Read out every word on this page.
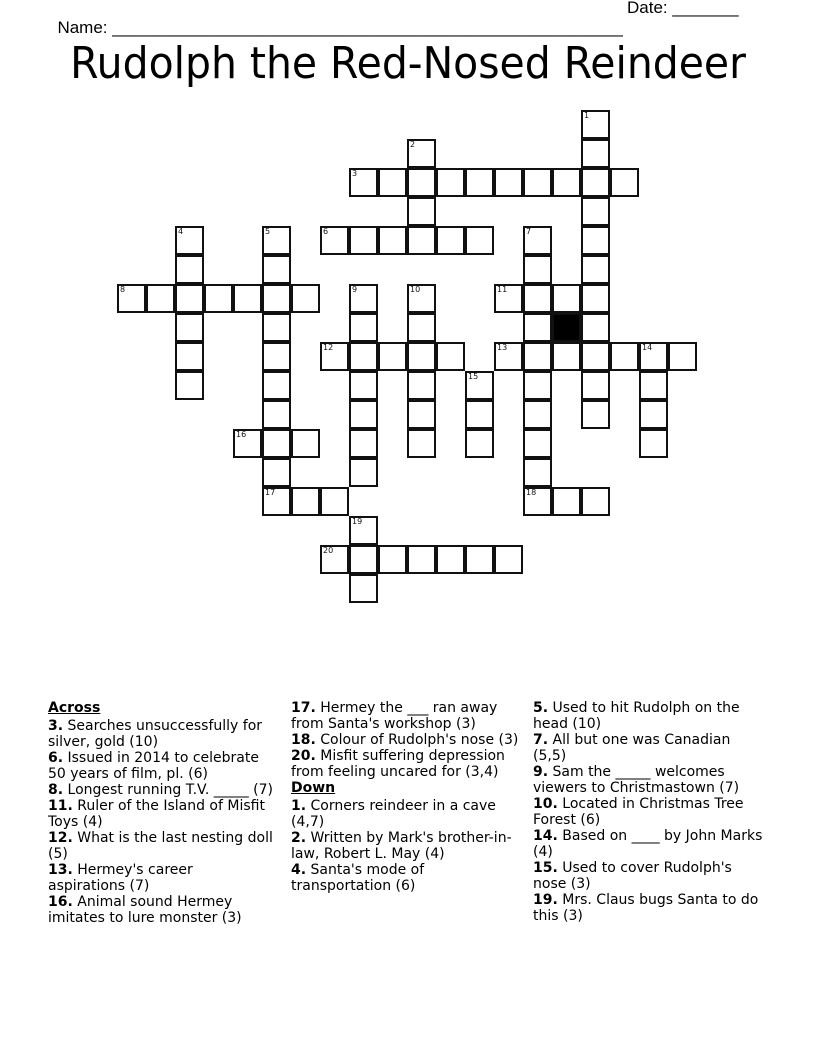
Name: ______________________________________________________

Date: _______

Rudolph the Red-Nosed Reindeer
1
2
3
4	5
17
6	7
18
8	9	10	11
12	13	14
15
16
19
20
Across
3. Searches unsuccessfully for silver, gold (10)
6. Issued in 2014 to celebrate 50 years of film, pl. (6)
8. Longest running T.V. _____ (7)
11. Ruler of the Island of Misfit Toys (4)
12. What is the last nesting doll (5)
13. Hermey's career aspirations (7)
16. Animal sound Hermey imitates to lure monster (3)
17. Hermey the ___ ran away from Santa's workshop (3)
18. Colour of Rudolph's nose (3)
20. Misfit suffering depression from feeling uncared for (3,4)
Down
1. Corners reindeer in a cave (4,7)
2. Written by Mark's brother-in-law, Robert L. May (4)
4. Santa's mode of transportation (6)
5. Used to hit Rudolph on the head (10)
7. All but one was Canadian (5,5)
9. Sam the _____ welcomes viewers to Christmastown (7)
10. Located in Christmas Tree Forest (6)
14. Based on ____ by John Marks (4)
15. Used to cover Rudolph's nose (3)
19. Mrs. Claus bugs Santa to do this (3)
